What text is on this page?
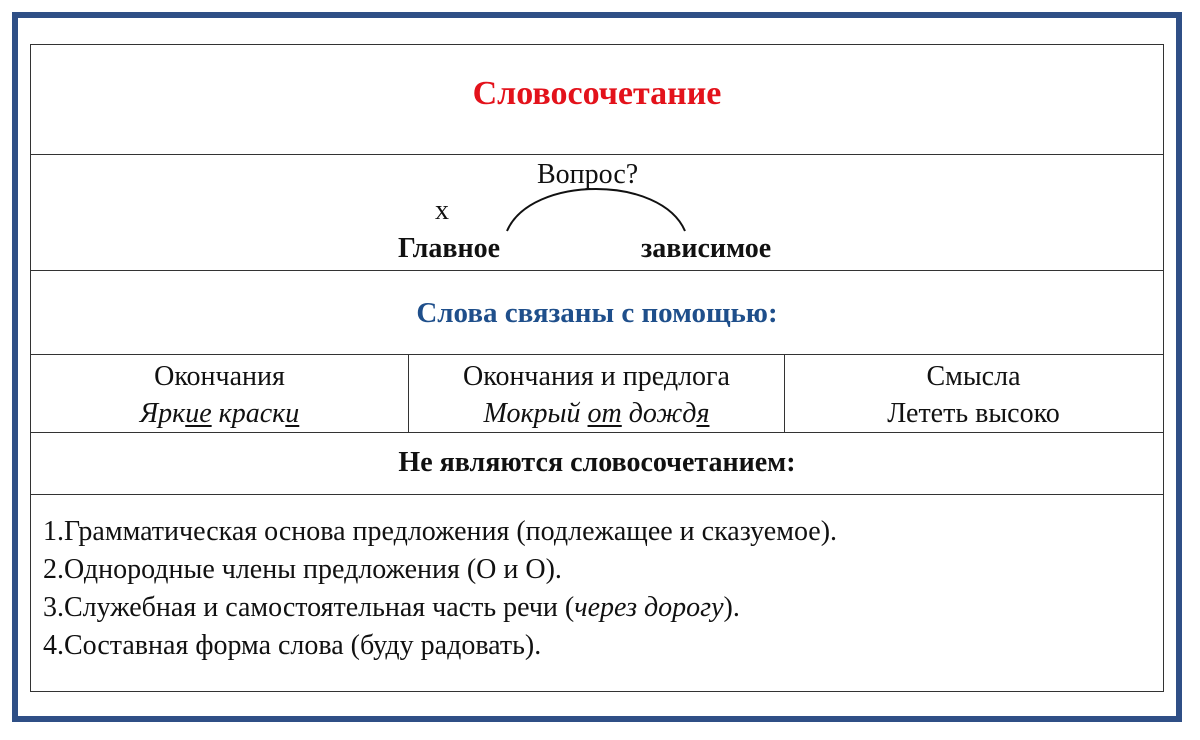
Словосочетание
Вопрос?
х
Главное	зависимое
Слова связаны с помощью:
Окончания
Яркие краски
Окончания и предлога
Мокрый от дождя
Смысла
Лететь высоко
Не являются словосочетанием:
1.Грамматическая основа предложения (подлежащее и сказуемое).
2.Однородные члены предложения (О и О).
3.Служебная и самостоятельная часть речи (через дорогу).
4.Составная форма слова (буду радовать).
